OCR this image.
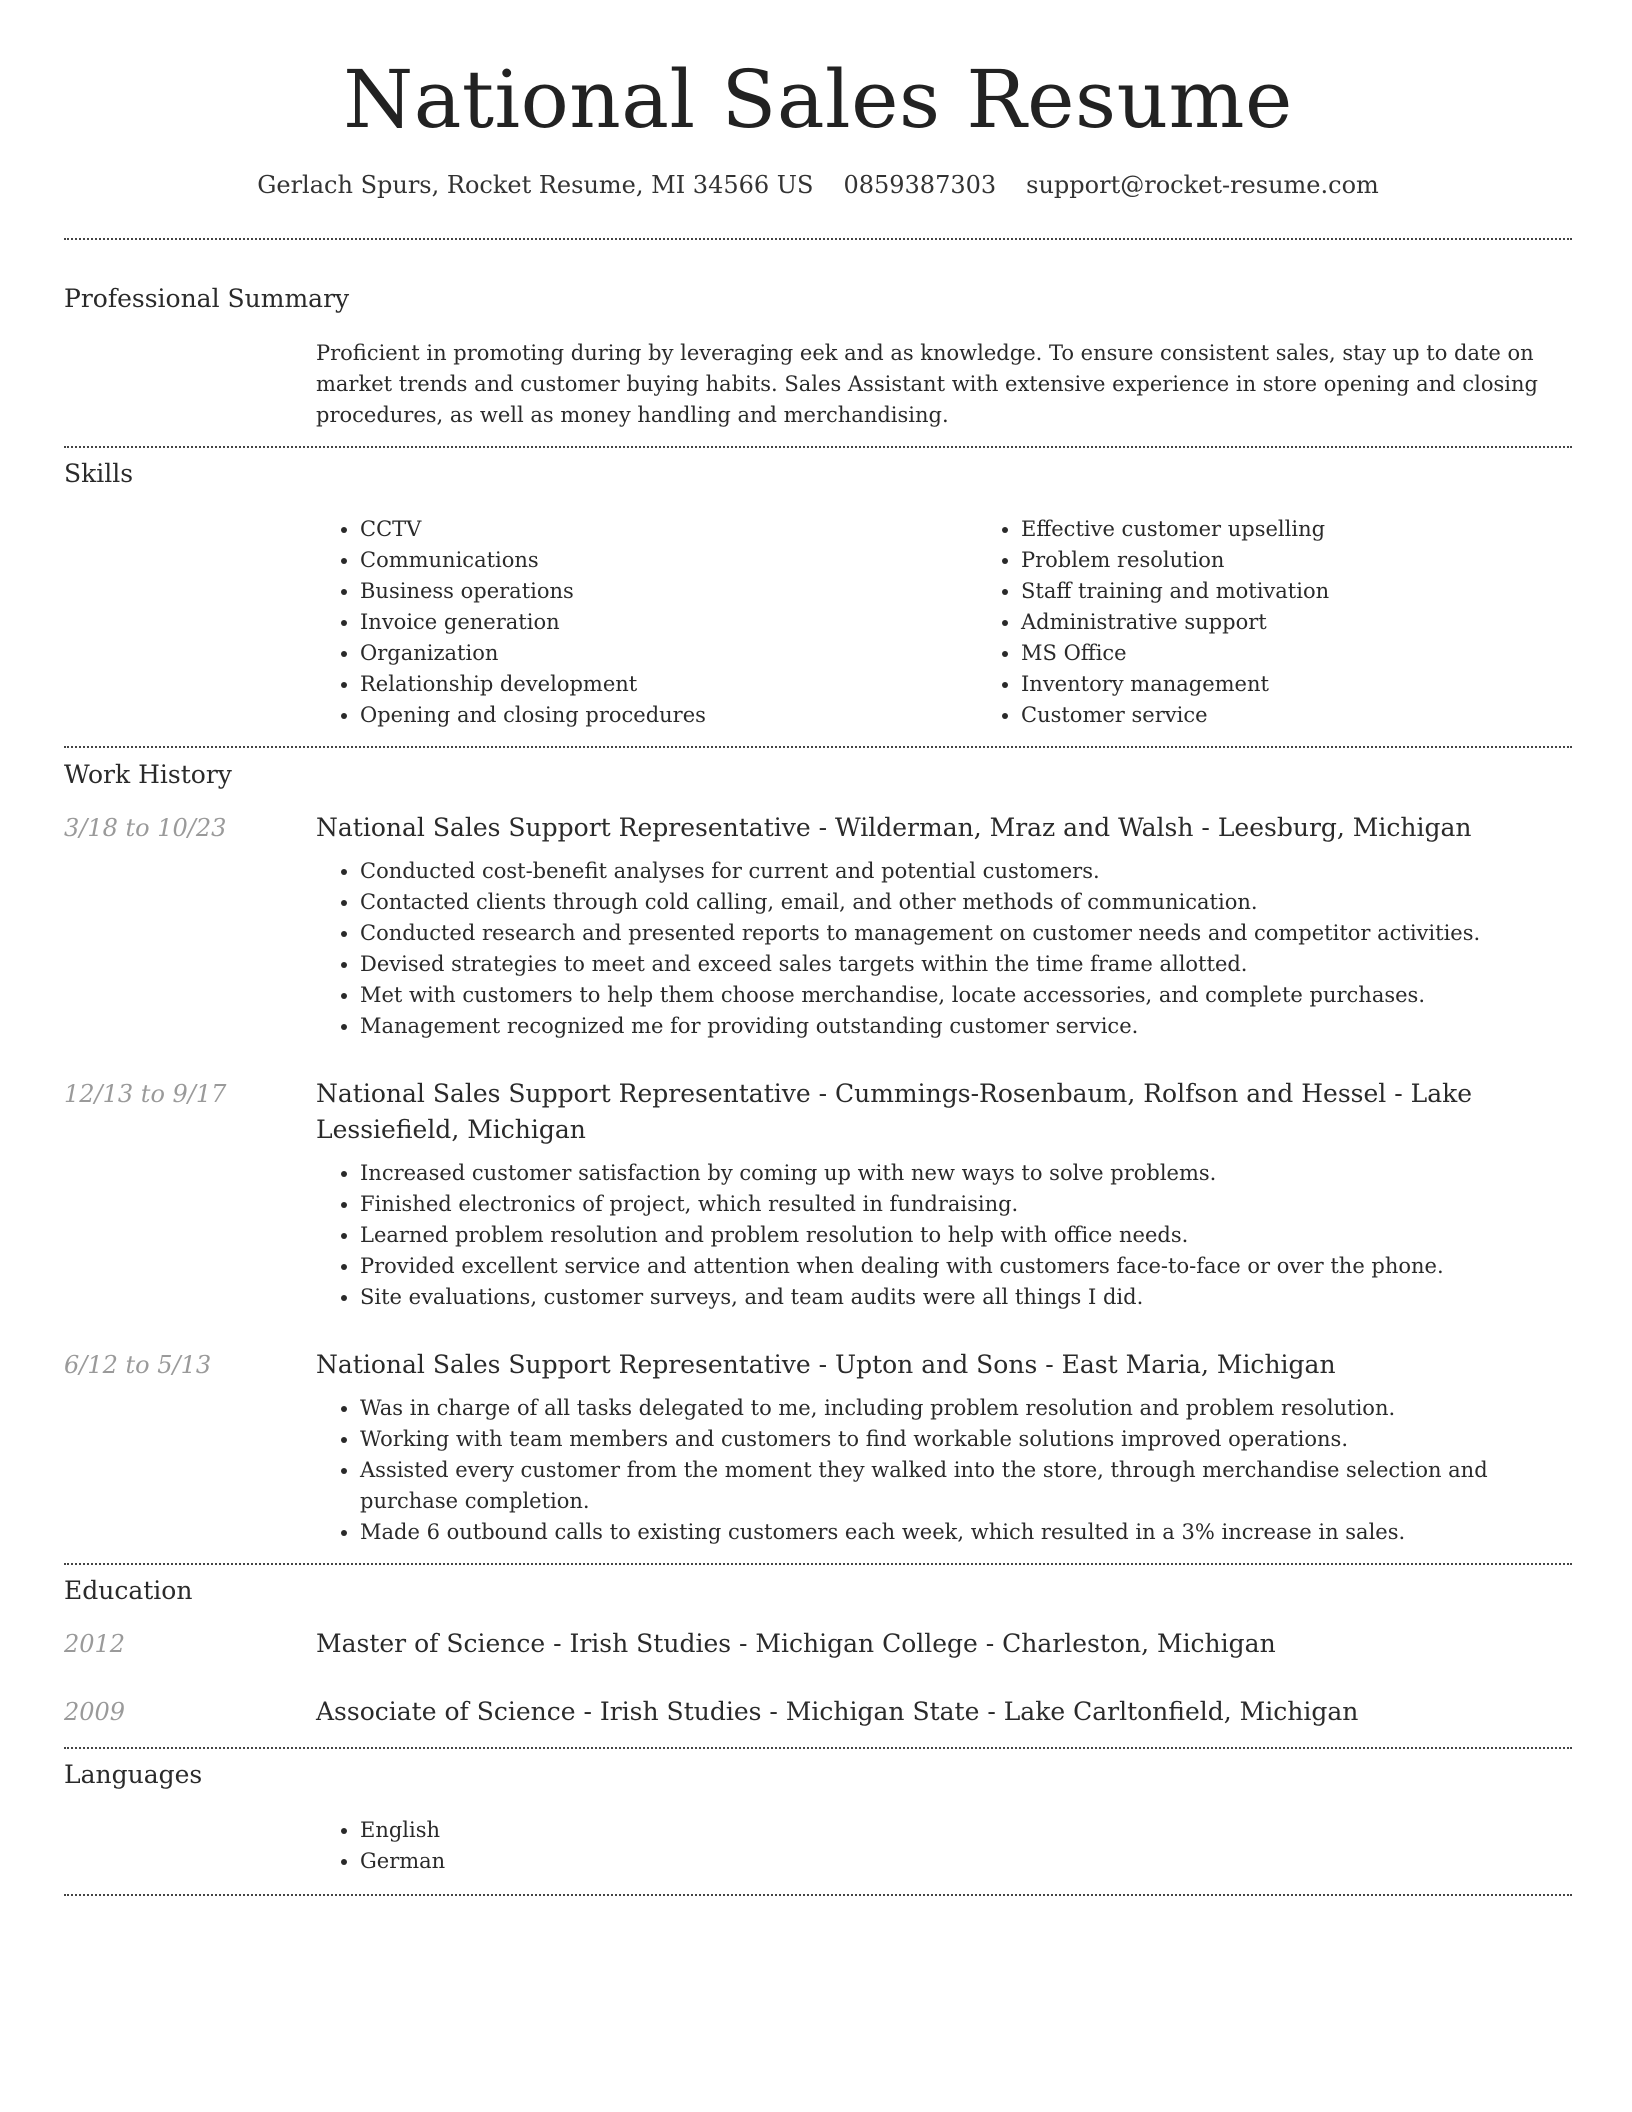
National Sales Resume
Gerlach Spurs, Rocket Resume, MI 34566 US 0859387303 support@rocket-resume.com
Professional Summary
Proficient in promoting during by leveraging eek and as knowledge. To ensure consistent sales, stay up to date on market trends and customer buying habits. Sales Assistant with extensive experience in store opening and closing procedures, as well as money handling and merchandising.
Skills
• CCTV
• Communications
• Business operations
• Invoice generation
• Organization
• Relationship development
• Opening and closing procedures
• Effective customer upselling
• Problem resolution
• Staff training and motivation
• Administrative support
• MS Office
• Inventory management
• Customer service
Work History
3/18 to 10/23	National Sales Support Representative - Wilderman, Mraz and Walsh - Leesburg, Michigan
• Conducted cost-benefit analyses for current and potential customers.
• Contacted clients through cold calling, email, and other methods of communication.
• Conducted research and presented reports to management on customer needs and competitor activities.
• Devised strategies to meet and exceed sales targets within the time frame allotted.
• Met with customers to help them choose merchandise, locate accessories, and complete purchases.
• Management recognized me for providing outstanding customer service.
12/13 to 9/17	National Sales Support Representative - Cummings-Rosenbaum, Rolfson and Hessel - Lake Lessiefield, Michigan
• Increased customer satisfaction by coming up with new ways to solve problems.
• Finished electronics of project, which resulted in fundraising.
• Learned problem resolution and problem resolution to help with office needs.
• Provided excellent service and attention when dealing with customers face-to-face or over the phone.
• Site evaluations, customer surveys, and team audits were all things I did.
6/12 to 5/13	National Sales Support Representative - Upton and Sons - East Maria, Michigan
• Was in charge of all tasks delegated to me, including problem resolution and problem resolution.
• Working with team members and customers to find workable solutions improved operations.
• Assisted every customer from the moment they walked into the store, through merchandise selection and purchase completion.
• Made 6 outbound calls to existing customers each week, which resulted in a 3% increase in sales.
Education
2012	Master of Science - Irish Studies - Michigan College - Charleston, Michigan
2009	Associate of Science - Irish Studies - Michigan State - Lake Carltonfield, Michigan
Languages
• English
• German
